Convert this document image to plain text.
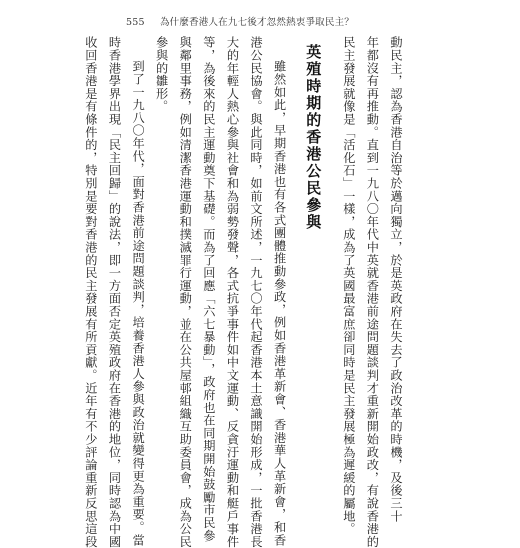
555 為什麼香港人在九七後才忽然熱衷爭取民主？

動民主，認為香港自治等於邁向獨立，於是英政府在失去了政治改革的時機，及後三十

年都沒有再推動。直到一九八〇年代中英就香港前途問題談判才重新開始政改，有說香港的

民主發展就像是「活化石」一樣，成為了英國最富庶卻同時是民主發展極為遲緩的屬地。

英殖時期的香港公民參與

雖然如此，早期香港也有各式團體推動參政，例如香港革新會、香港華人革新會，和香

港公民協會。與此同時，如前文所述，一九七〇年代起香港本土意識開始形成，一批香港長

大的年輕人熱心參與社會和為弱勢發聲，各式抗爭事件如中文運動、反貪汙運動和艇戶事件

等，為後來的民主運動奠下基礎。而為了回應「六七暴動」，政府也在同期開始鼓勵市民參

與鄰里事務，例如清潔香港運動和撲滅罪行運動，並在公共屋邨組織互助委員會，成為公民

參與的雛形。

到了一九八〇年代，面對香港前途問題談判，培養香港人參與政治就變得更為重要。當

時香港學界出現「民主回歸」的說法，即一方面否定英殖政府在香港的地位，同時認為中國

收回香港是有條件的，特別是要對香港的民主發展有所貢獻。近年有不少評論重新反思這段
